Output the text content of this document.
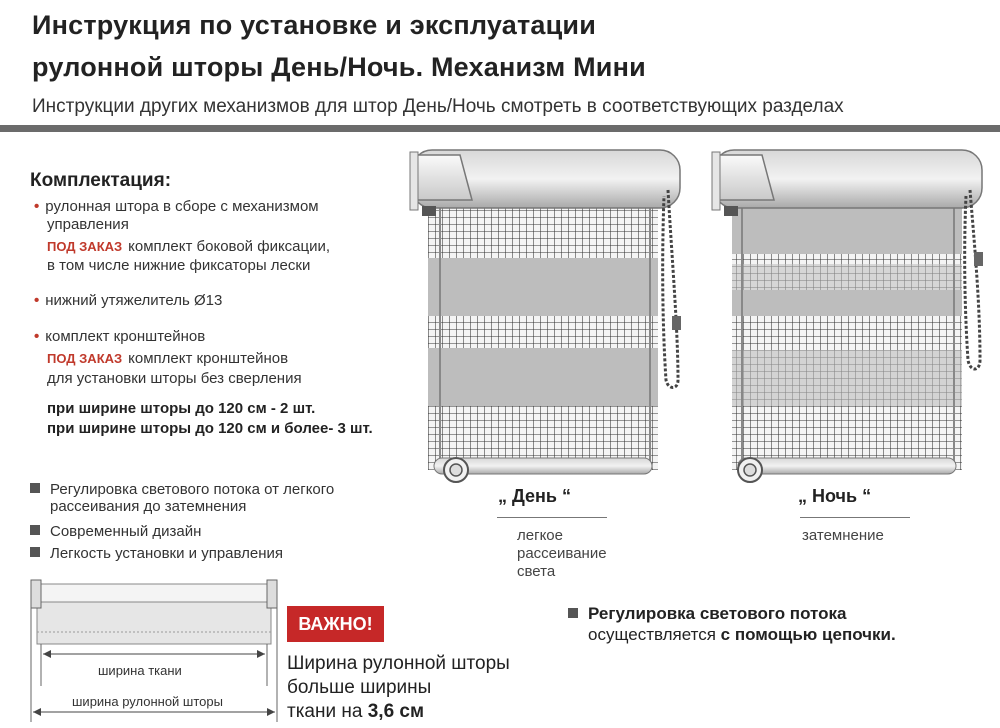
Инструкция по установке и эксплуатации
рулонной шторы День/Ночь. Механизм Мини
Инструкции других механизмов для штор День/Ночь смотреть в соответствующих разделах
Комплектация:
• рулонная штора в сборе с механизмом
управления
ПОД ЗАКАЗ комплект боковой фиксации,
в том числе нижние фиксаторы лески
• нижний утяжелитель Ø13
• комплект кронштейнов
ПОД ЗАКАЗ комплект кронштейнов
для установки шторы без сверления
при ширине шторы до 120 см - 2 шт.
при ширине шторы до 120 см и более- 3 шт.
Регулировка светового потока от легкого
рассеивания до затемнения
Современный дизайн
Легкость установки и управления
„ День “
легкое
рассеивание
света
„ Ночь “
затемнение
ширина ткани
ширина рулонной шторы
ВАЖНО!
Ширина рулонной шторы
больше ширины
ткани на 3,6 см
Регулировка светового потока
осуществляется с помощью цепочки.
